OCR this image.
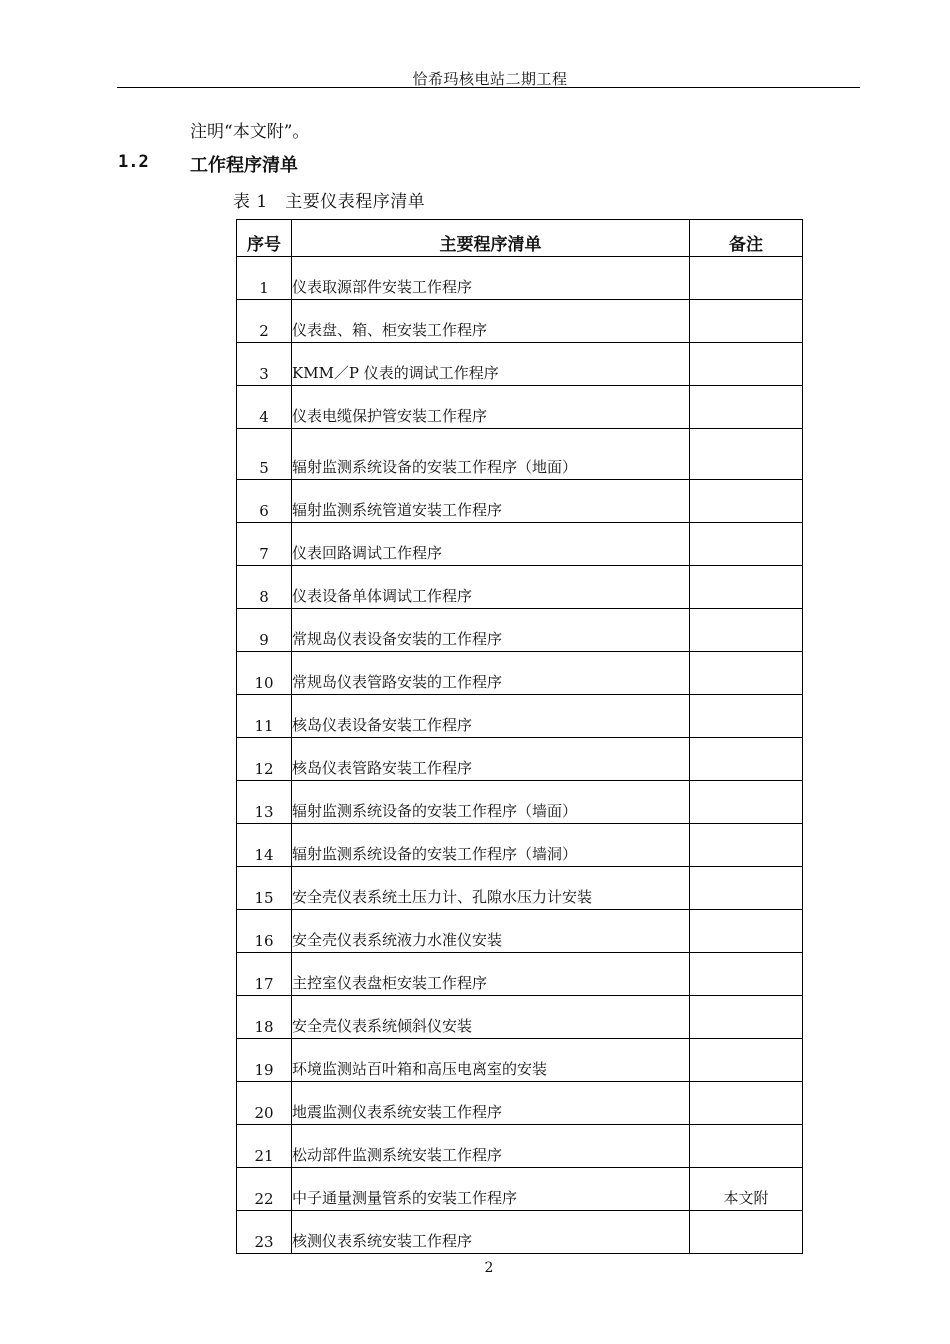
恰希玛核电站二期工程
注明“本文附”。
1.2 工作程序清单
表 1　主要仪表程序清单
序号	主要程序清单	备注
1	仪表取源部件安装工作程序	
2	仪表盘、箱、柜安装工作程序	
3	KMM／P 仪表的调试工作程序	
4	仪表电缆保护管安装工作程序	
5	辐射监测系统设备的安装工作程序（地面）	
6	辐射监测系统管道安装工作程序	
7	仪表回路调试工作程序	
8	仪表设备单体调试工作程序	
9	常规岛仪表设备安装的工作程序	
10	常规岛仪表管路安装的工作程序	
11	核岛仪表设备安装工作程序	
12	核岛仪表管路安装工作程序	
13	辐射监测系统设备的安装工作程序（墙面）	
14	辐射监测系统设备的安装工作程序（墙洞）	
15	安全壳仪表系统土压力计、孔隙水压力计安装	
16	安全壳仪表系统液力水准仪安装	
17	主控室仪表盘柜安装工作程序	
18	安全壳仪表系统倾斜仪安装	
19	环境监测站百叶箱和高压电离室的安装	
20	地震监测仪表系统安装工作程序	
21	松动部件监测系统安装工作程序	
22	中子通量测量管系的安装工作程序	本文附
23	核测仪表系统安装工作程序	
2
